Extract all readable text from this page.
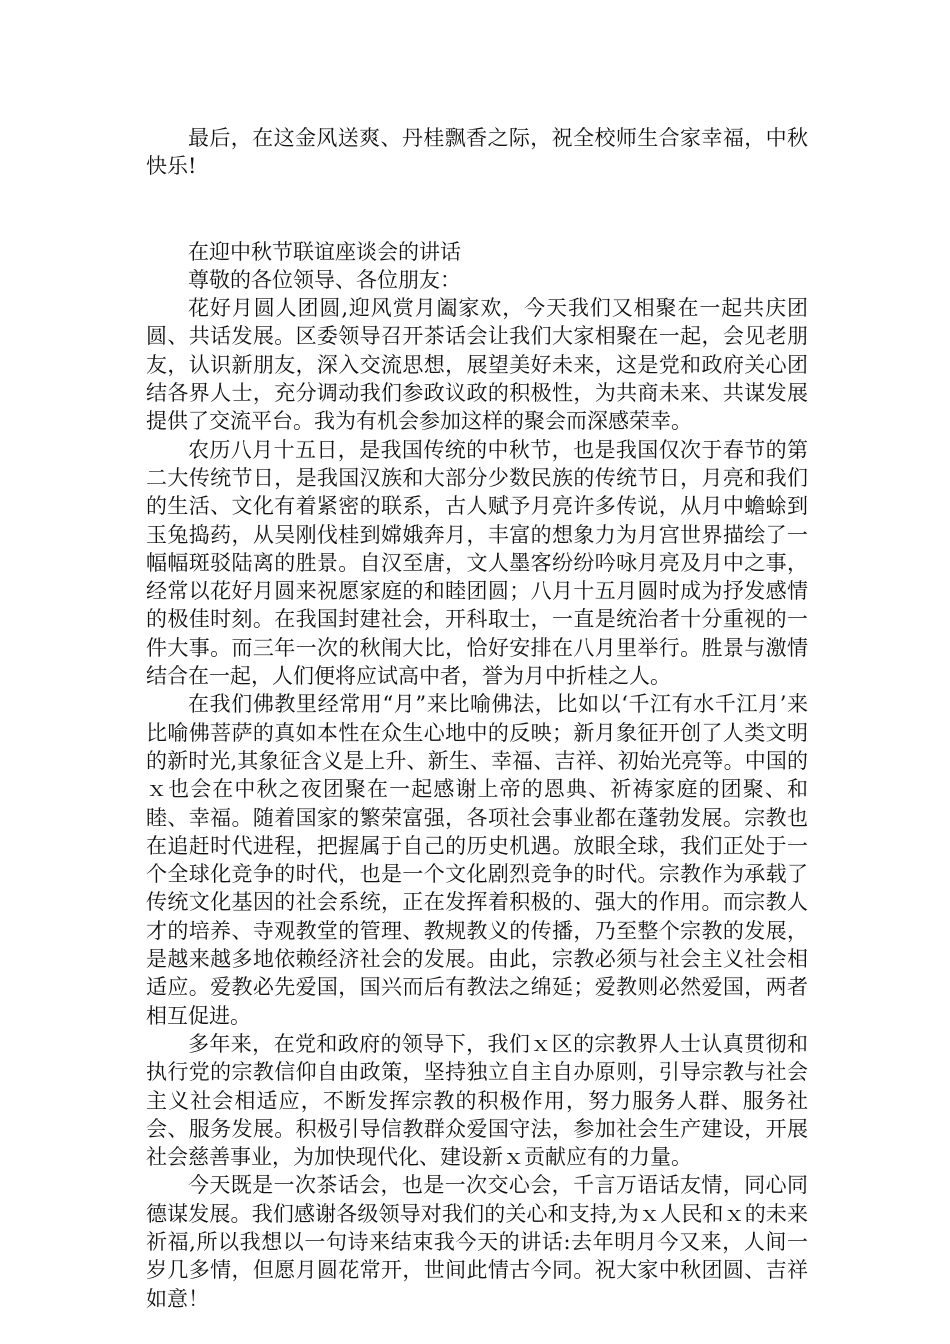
最后，在这金风送爽、丹桂飘香之际，祝全校师生合家幸福，中秋快乐!

在迎中秋节联谊座谈会的讲话

尊敬的各位领导、各位朋友：

花好月圆人团圆,迎风赏月阖家欢，今天我们又相聚在一起共庆团圆、共话发展。区委领导召开茶话会让我们大家相聚在一起，会见老朋友，认识新朋友，深入交流思想，展望美好未来，这是党和政府关心团结各界人士，充分调动我们参政议政的积极性，为共商未来、共谋发展提供了交流平台。我为有机会参加这样的聚会而深感荣幸。

农历八月十五日，是我国传统的中秋节，也是我国仅次于春节的第二大传统节日，是我国汉族和大部分少数民族的传统节日，月亮和我们的生活、文化有着紧密的联系，古人赋予月亮许多传说，从月中蟾蜍到玉兔捣药，从吴刚伐桂到嫦娥奔月，丰富的想象力为月宫世界描绘了一幅幅斑驳陆离的胜景。自汉至唐，文人墨客纷纷吟咏月亮及月中之事，经常以花好月圆来祝愿家庭的和睦团圆；八月十五月圆时成为抒发感情的极佳时刻。在我国封建社会，开科取士，一直是统治者十分重视的一件大事。而三年一次的秋闱大比，恰好安排在八月里举行。胜景与激情结合在一起，人们便将应试高中者，誉为月中折桂之人。

在我们佛教里经常用“月”来比喻佛法，比如以‘千江有水千江月’来比喻佛菩萨的真如本性在众生心地中的反映；新月象征开创了人类文明的新时光,其象征含义是上升、新生、幸福、吉祥、初始光亮等。中国的ｘ也会在中秋之夜团聚在一起感谢上帝的恩典、祈祷家庭的团聚、和睦、幸福。随着国家的繁荣富强，各项社会事业都在蓬勃发展。宗教也在追赶时代进程，把握属于自己的历史机遇。放眼全球，我们正处于一个全球化竞争的时代，也是一个文化剧烈竞争的时代。宗教作为承载了传统文化基因的社会系统，正在发挥着积极的、强大的作用。而宗教人才的培养、寺观教堂的管理、教规教义的传播，乃至整个宗教的发展，是越来越多地依赖经济社会的发展。由此，宗教必须与社会主义社会相适应。爱教必先爱国，国兴而后有教法之绵延；爱教则必然爱国，两者相互促进。

多年来，在党和政府的领导下，我们ｘ区的宗教界人士认真贯彻和执行党的宗教信仰自由政策，坚持独立自主自办原则，引导宗教与社会主义社会相适应，不断发挥宗教的积极作用，努力服务人群、服务社会、服务发展。积极引导信教群众爱国守法，参加社会生产建设，开展社会慈善事业，为加快现代化、建设新ｘ贡献应有的力量。

今天既是一次茶话会，也是一次交心会，千言万语话友情，同心同德谋发展。我们感谢各级领导对我们的关心和支持,为ｘ人民和ｘ的未来祈福,所以我想以一句诗来结束我今天的讲话:去年明月今又来，人间一岁几多情，但愿月圆花常开，世间此情古今同。祝大家中秋团圆、吉祥如意！
